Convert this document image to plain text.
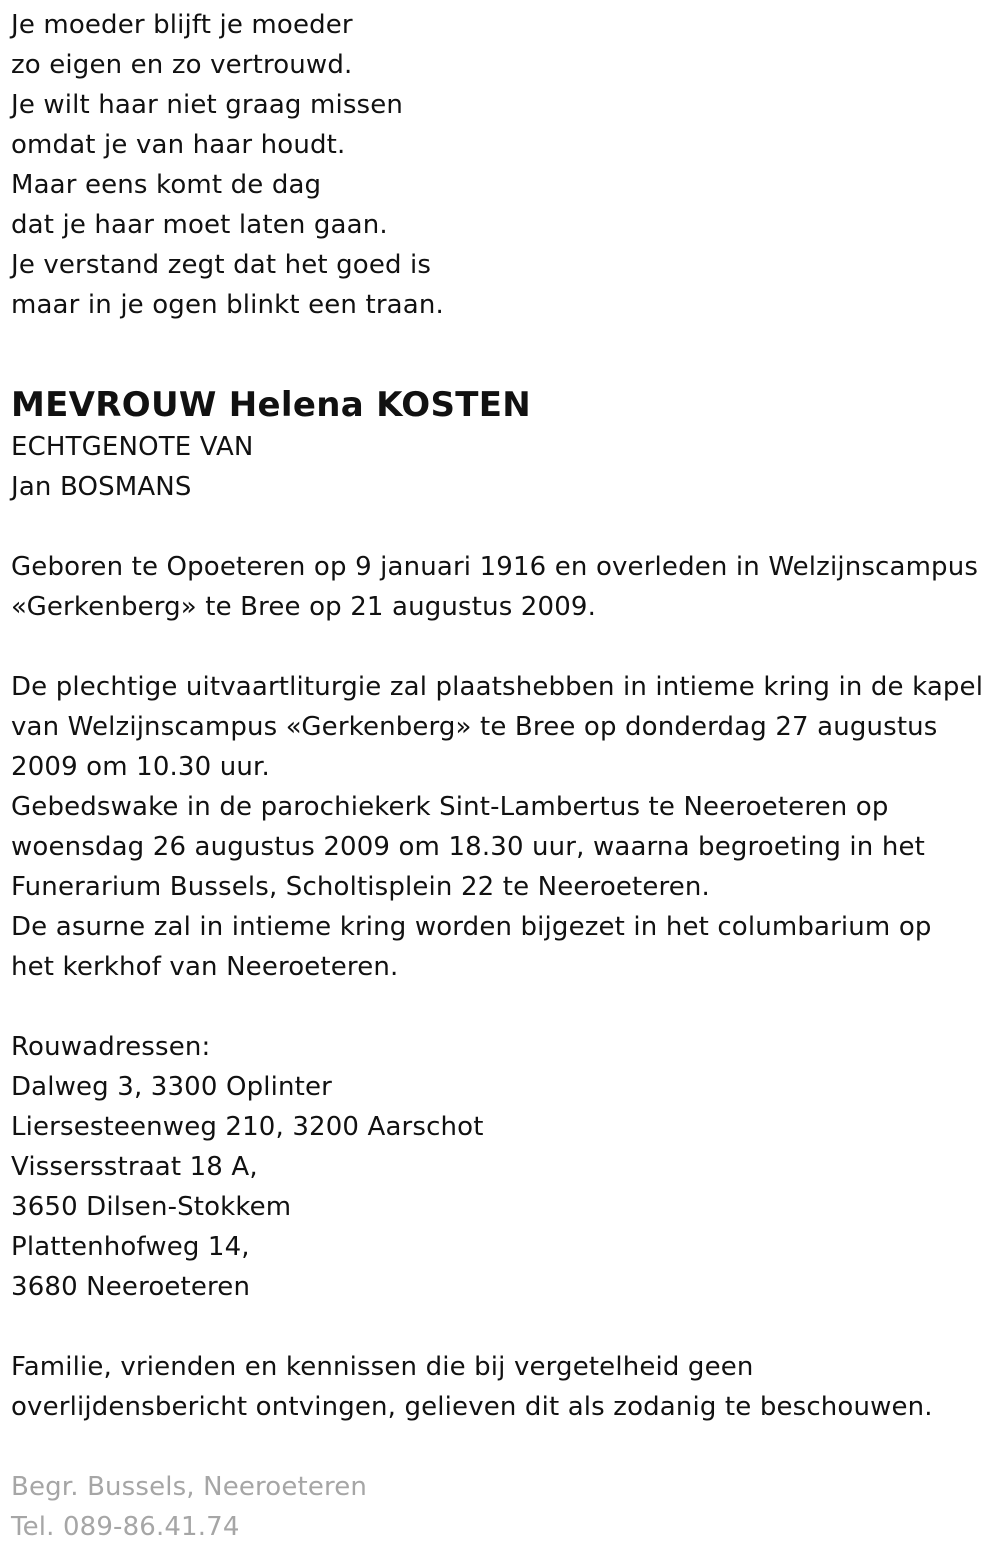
Je moeder blijft je moeder
zo eigen en zo vertrouwd.
Je wilt haar niet graag missen
omdat je van haar houdt.
Maar eens komt de dag
dat je haar moet laten gaan.
Je verstand zegt dat het goed is
maar in je ogen blinkt een traan.
MEVROUW Helena KOSTEN
ECHTGENOTE VAN
Jan BOSMANS
Geboren te Opoeteren op 9 januari 1916 en overleden in Welzijnscampus
«Gerkenberg» te Bree op 21 augustus 2009.
De plechtige uitvaartliturgie zal plaatshebben in intieme kring in de kapel
van Welzijnscampus «Gerkenberg» te Bree op donderdag 27 augustus
2009 om 10.30 uur.
Gebedswake in de parochiekerk Sint-Lambertus te Neeroeteren op
woensdag 26 augustus 2009 om 18.30 uur, waarna begroeting in het
Funerarium Bussels, Scholtisplein 22 te Neeroeteren.
De asurne zal in intieme kring worden bijgezet in het columbarium op
het kerkhof van Neeroeteren.
Rouwadressen:
Dalweg 3, 3300 Oplinter
Liersesteenweg 210, 3200 Aarschot
Vissersstraat 18 A,
3650 Dilsen-Stokkem
Plattenhofweg 14,
3680 Neeroeteren
Familie, vrienden en kennissen die bij vergetelheid geen
overlijdensbericht ontvingen, gelieven dit als zodanig te beschouwen.
Begr. Bussels, Neeroeteren
Tel. 089-86.41.74
